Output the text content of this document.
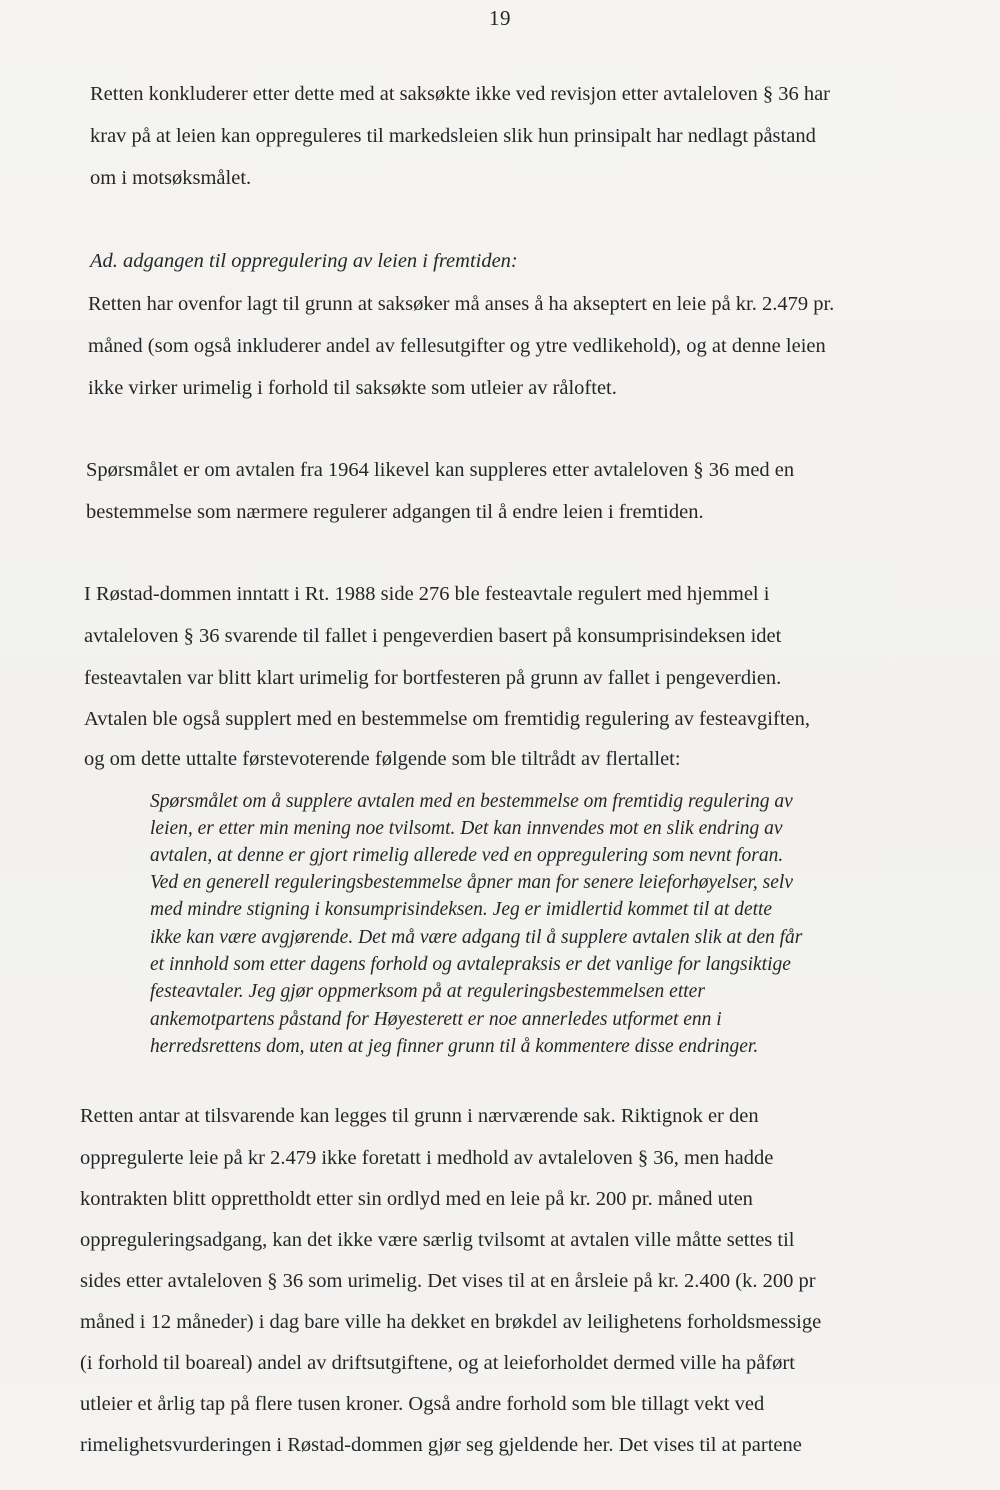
19
Retten konkluderer etter dette med at saksøkte ikke ved revisjon etter avtaleloven § 36 har
krav på at leien kan oppreguleres til markedsleien slik hun prinsipalt har nedlagt påstand
om i motsøksmålet.
Ad. adgangen til oppregulering av leien i fremtiden:
Retten har ovenfor lagt til grunn at saksøker må anses å ha akseptert en leie på kr. 2.479 pr.
måned (som også inkluderer andel av fellesutgifter og ytre vedlikehold), og at denne leien
ikke virker urimelig i forhold til saksøkte som utleier av råloftet.
Spørsmålet er om avtalen fra 1964 likevel kan suppleres etter avtaleloven § 36 med en
bestemmelse som nærmere regulerer adgangen til å endre leien i fremtiden.
I Røstad-dommen inntatt i Rt. 1988 side 276 ble festeavtale regulert med hjemmel i
avtaleloven § 36 svarende til fallet i pengeverdien basert på konsumprisindeksen idet
festeavtalen var blitt klart urimelig for bortfesteren på grunn av fallet i pengeverdien.
Avtalen ble også supplert med en bestemmelse om fremtidig regulering av festeavgiften,
og om dette uttalte førstevoterende følgende som ble tiltrådt av flertallet:
Spørsmålet om å supplere avtalen med en bestemmelse om fremtidig regulering av
leien, er etter min mening noe tvilsomt. Det kan innvendes mot en slik endring av
avtalen, at denne er gjort rimelig allerede ved en oppregulering som nevnt foran.
Ved en generell reguleringsbestemmelse åpner man for senere leieforhøyelser, selv
med mindre stigning i konsumprisindeksen. Jeg er imidlertid kommet til at dette
ikke kan være avgjørende. Det må være adgang til å supplere avtalen slik at den får
et innhold som etter dagens forhold og avtalepraksis er det vanlige for langsiktige
festeavtaler. Jeg gjør oppmerksom på at reguleringsbestemmelsen etter
ankemotpartens påstand for Høyesterett er noe annerledes utformet enn i
herredsrettens dom, uten at jeg finner grunn til å kommentere disse endringer.
Retten antar at tilsvarende kan legges til grunn i nærværende sak. Riktignok er den
oppregulerte leie på kr 2.479 ikke foretatt i medhold av avtaleloven § 36, men hadde
kontrakten blitt opprettholdt etter sin ordlyd med en leie på kr. 200 pr. måned uten
oppreguleringsadgang, kan det ikke være særlig tvilsomt at avtalen ville måtte settes til
sides etter avtaleloven § 36 som urimelig. Det vises til at en årsleie på kr. 2.400 (k. 200 pr
måned i 12 måneder) i dag bare ville ha dekket en brøkdel av leilighetens forholdsmessige
(i forhold til boareal) andel av driftsutgiftene, og at leieforholdet dermed ville ha påført
utleier et årlig tap på flere tusen kroner. Også andre forhold som ble tillagt vekt ved
rimelighetsvurderingen i Røstad-dommen gjør seg gjeldende her. Det vises til at partene
